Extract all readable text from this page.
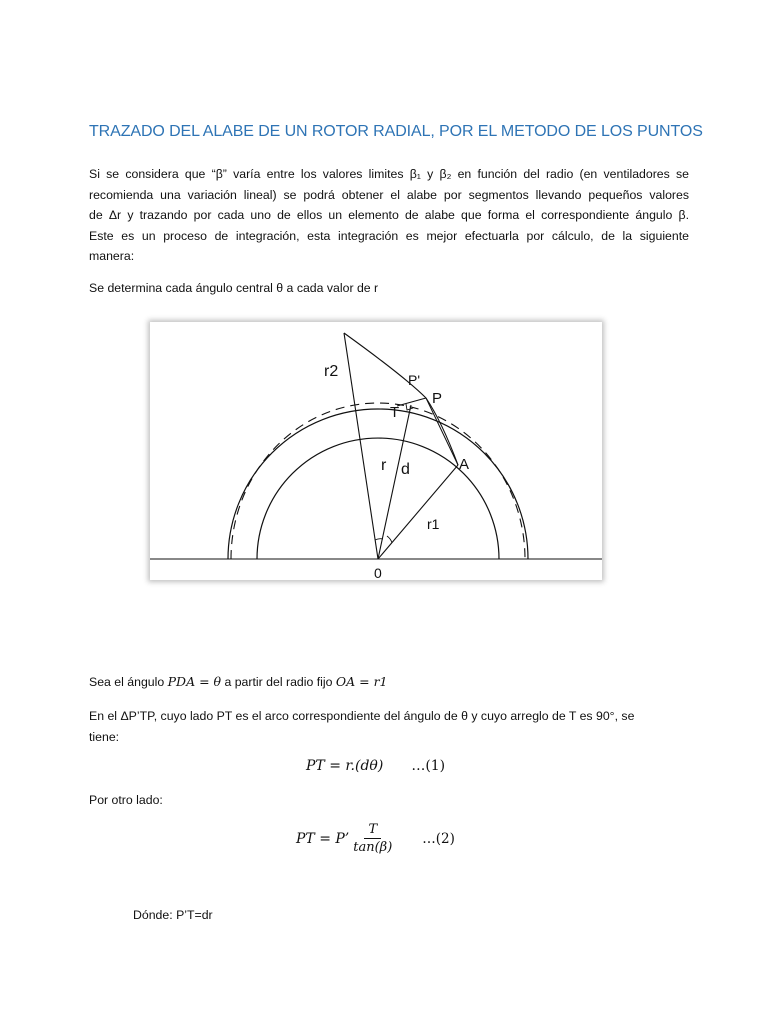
TRAZADO DEL ALABE DE UN ROTOR RADIAL, POR EL METODO DE LOS PUNTOS
Si se considera que “β” varía entre los valores limites β₁ y β₂ en función del radio (en ventiladores se
recomienda una variación lineal) se podrá obtener el alabe por segmentos llevando pequeños valores
de Δr y trazando por cada uno de ellos un elemento de alabe que forma el correspondiente ángulo β.
Este es un proceso de integración, esta integración es mejor efectuarla por cálculo, de la siguiente
manera:
Se determina cada ángulo central θ a cada valor de r
r2	P'
P
T
r d	A
r1
0
Sea el ángulo PDA = θ a partir del radio fijo OA = r1
En el ΔP’TP, cuyo lado PT es el arco correspondiente del ángulo de θ y cuyo arreglo de T es 90°, se
tiene:
PT = r.(dθ) …(1)
Por otro lado:
PT = P’ $\frac{T}{\tan(\beta)}$ …(2)
Dónde: P’T=dr
